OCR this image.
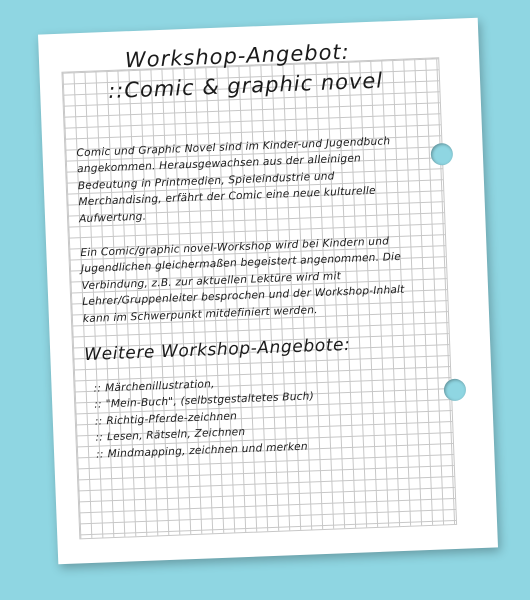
Workshop-Angebot:
::Comic & graphic novel

Comic und Graphic Novel sind im Kinder-und Jugendbuch angekommen. Herausgewachsen aus der alleinigen Bedeutung in Printmedien, Spieleindustrie und Merchandising, erfährt der Comic eine neue kulturelle Aufwertung.

Ein Comic/graphic novel-Workshop wird bei Kindern und Jugendlichen gleichermaßen begeistert angenommen. Die Verbindung, z.B. zur aktuellen Lektüre wird mit Lehrer/Gruppenleiter besprochen und der Workshop-Inhalt kann im Schwerpunkt mitdefiniert werden.

Weitere Workshop-Angebote:
:: Märchenillustration,
:: "Mein-Buch", (selbstgestaltetes Buch)
:: Richtig-Pferde-zeichnen
:: Lesen, Rätseln, Zeichnen
:: Mindmapping, zeichnen und merken
